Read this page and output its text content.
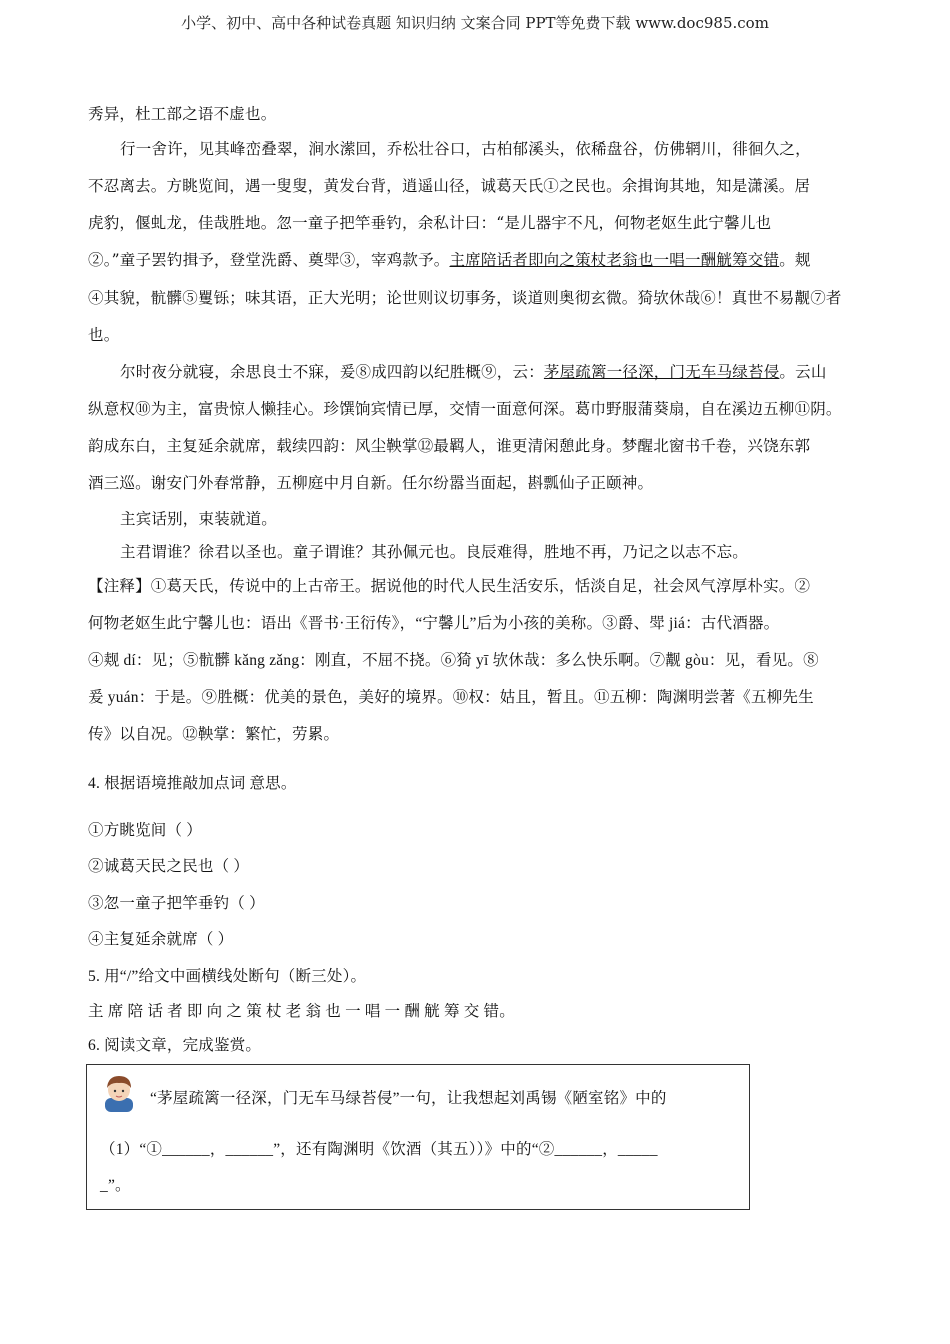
小学、初中、高中各种试卷真题 知识归纳 文案合同 PPT等免费下载 www.doc985.com
秀异，杜工部之语不虚也。
行一舍许，见其峰峦叠翠，涧水潆回，乔松壮谷口，古柏郁溪头，依稀盘谷，仿佛辋川，徘徊久之，
不忍离去。方眺览间，遇一叟叟，黄发台背，逍遥山径，诚葛天氏①之民也。余揖询其地，知是潇溪。居
虎豹，偃虬龙，佳哉胜地。忽一童子把竿垂钓，余私计曰：“是儿器宇不凡，何物老妪生此宁馨儿也
②。”童子罢钓揖予，登堂洗爵、奠斝③，宰鸡款予。主席陪话者即向之策杖老翁也一唱一酬觥筹交错。觌
④其貌，骯髒⑤矍铄；味其语，正大光明；论世则议切事务，谈道则奥彻玄微。猗欤休哉⑥！真世不易觏⑦者
也。
尔时夜分就寝，余思良士不寐，爰⑧成四韵以纪胜概⑨，云：茅屋疏篱一径深，门无车马绿苔侵。云山
纵意权⑩为主，富贵惊人懒挂心。珍馔饷宾情已厚，交情一面意何深。葛巾野服蒲葵扇，自在溪边五柳⑪阴。
韵成东白，主复延余就席，载续四韵：风尘鞅掌⑫最羁人，谁更清闲憩此身。梦醒北窗书千卷，兴饶东郭
酒三巡。谢安门外春常静，五柳庭中月自新。任尔纷嚣当面起，斟瓢仙子正颐神。
主宾话别，束装就道。
主君谓谁？徐君以圣也。童子谓谁？其孙佩元也。良辰难得，胜地不再，乃记之以志不忘。
【注释】①葛天氏，传说中的上古帝王。据说他的时代人民生活安乐，恬淡自足，社会风气淳厚朴实。②
何物老妪生此宁馨儿也：语出《晋书·王衍传》，“宁馨儿”后为小孩的美称。③爵、斝 jiá：古代酒器。
④觌 dí：见；⑤骯髒 kǎng zǎng：刚直，不屈不挠。⑥猗 yī 欤休哉：多么快乐啊。⑦觏 gòu：见，看见。⑧
爰 yuán：于是。⑨胜概：优美的景色，美好的境界。⑩权：姑且，暂且。⑪五柳：陶渊明尝著《五柳先生
传》以自况。⑫鞅掌：繁忙，劳累。
4. 根据语境推敲加点词 意思。
①方眺览间（ ）
②诚葛天民之民也（ ）
③忽一童子把竿垂钓（ ）
④主复延余就席（ ）
5. 用“/”给文中画横线处断句（断三处）。
主 席 陪 话 者 即 向 之 策 杖 老 翁 也 一 唱 一 酬 觥 筹 交 错。
6. 阅读文章，完成鉴赏。
“茅屋疏篱一径深，门无车马绿苔侵”一句，让我想起刘禹锡《陋室铭》中的
（1）“①______，______”，还有陶渊明《饮酒（其五））》中的“②______，_____
_”。
